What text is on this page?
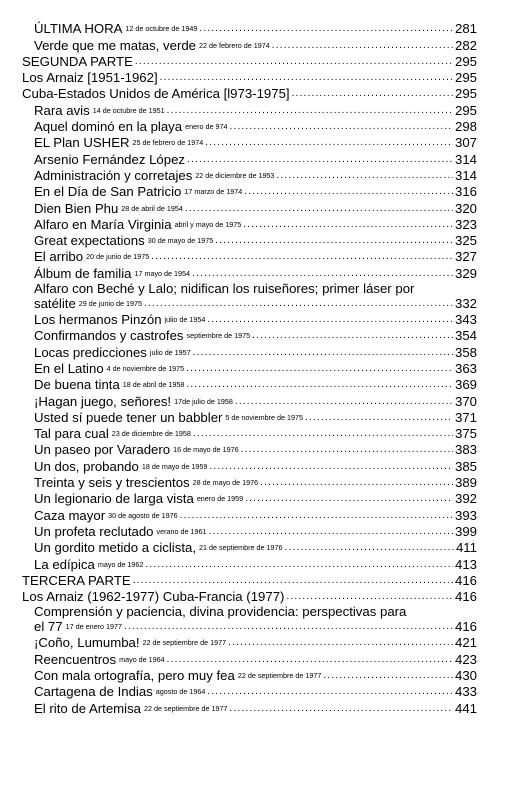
ÚLTIMA HORA 12 de octubre de 1949 .....	281
Verde que me matas, verde 22 de febrero de 1974 .....	282
SEGUNDA PARTE .....	295
Los Arnaiz [1951-1962] .....	295
Cuba-Estados Unidos de América [l973-1975] .....	295
Rara avis 14 de octubre de 1951 .....	295
Aquel dominó en la playa enero de 974 .....	298
EL Plan USHER 25 de febrero de 1974 .....	307
Arsenio Fernández López .....	314
Administración y corretajes 22 de diciembre de 1953 .....	314
En el Día de San Patricio 17 marzo de 1974 .....	316
Dien Bien Phu 28 de abril de 1954 .....	320
Alfaro en María Virginia abril y mayo de 1975 .....	323
Great expectations 30 de mayo de 1975 .....	325
El arribo 20 de junio de 1975 .....	327
Álbum de familia 17 mayo de 1954 .....	329
Alfaro con Beché y Lalo; nidifican los ruiseñores; primer láser por
satélite 29 de junio de 1975 .....	332
Los hermanos Pinzón julio de 1954 .....	343
Confirmandos y castrofes septiembre de 1975 .....	354
Locas predicciones julio de 1957 .....	358
En el Latino 4 de noviembre de 1975 .....	363
De buena tinta 18 de abril de 1958 .....	369
¡Hagan juego, señores! 17de julio de 1958 .....	370
Usted sí puede tener un babbler 5 de noviembre de 1975 .....	371
Tal para cual 23 de diciembre de 1958 .....	375
Un paseo por Varadero 16 de mayo de 1976 .....	383
Un dos, probando 18 de mayo de 1959 .....	385
Treinta y seis y trescientos 28 de mayo de 1976 .....	389
Un legionario de larga vista enero de 1959 .....	392
Caza mayor 30 de agosto de 1976 .....	393
Un profeta reclutado verano de 1961 .....	399
Un gordito metido a ciclista, 21 de septiembre de 1976 .....	411
La edípica mayo de 1962 .....	413
TERCERA PARTE .....	416
Los Arnaiz (1962-1977) Cuba-Francia (1977) .....	416
Comprensión y paciencia, divina providencia: perspectivas para
el 77 17 de enero 1977 .....	416
¡Coño, Lumumba! 22 de septiembre de 1977 .....	421
Reencuentros mayo de 1964 .....	423
Con mala ortografía, pero muy fea 22 de septiembre de 1977 .....	430
Cartagena de Indias agosto de 1964 .....	433
El rito de Artemisa 22 de septiembre de 1977 .....	441
